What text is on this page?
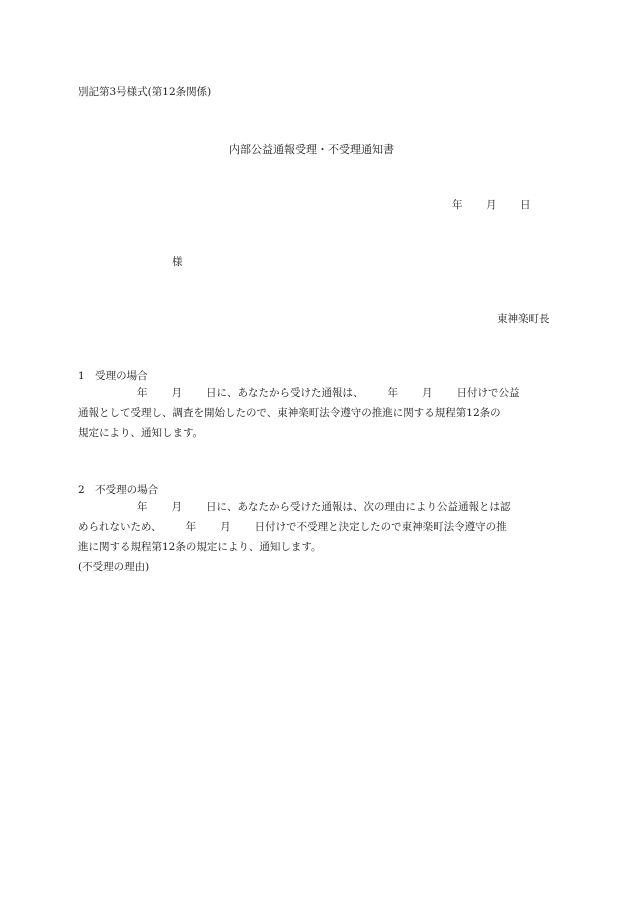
別記第3号様式(第12条関係)
内部公益通報受理・不受理通知書
年 月 日
様
東神楽町長
1　受理の場合
年 月 日に、あなたから受けた通報は、 年 月 日付けで公益
通報として受理し、調査を開始したので、東神楽町法令遵守の推進に関する規程第12条の
規定により、通知します。
2　不受理の場合
年 月 日に、あなたから受けた通報は、次の理由により公益通報とは認
められないため、 年 月 日付けで不受理と決定したので東神楽町法令遵守の推
進に関する規程第12条の規定により、通知します。
(不受理の理由)
